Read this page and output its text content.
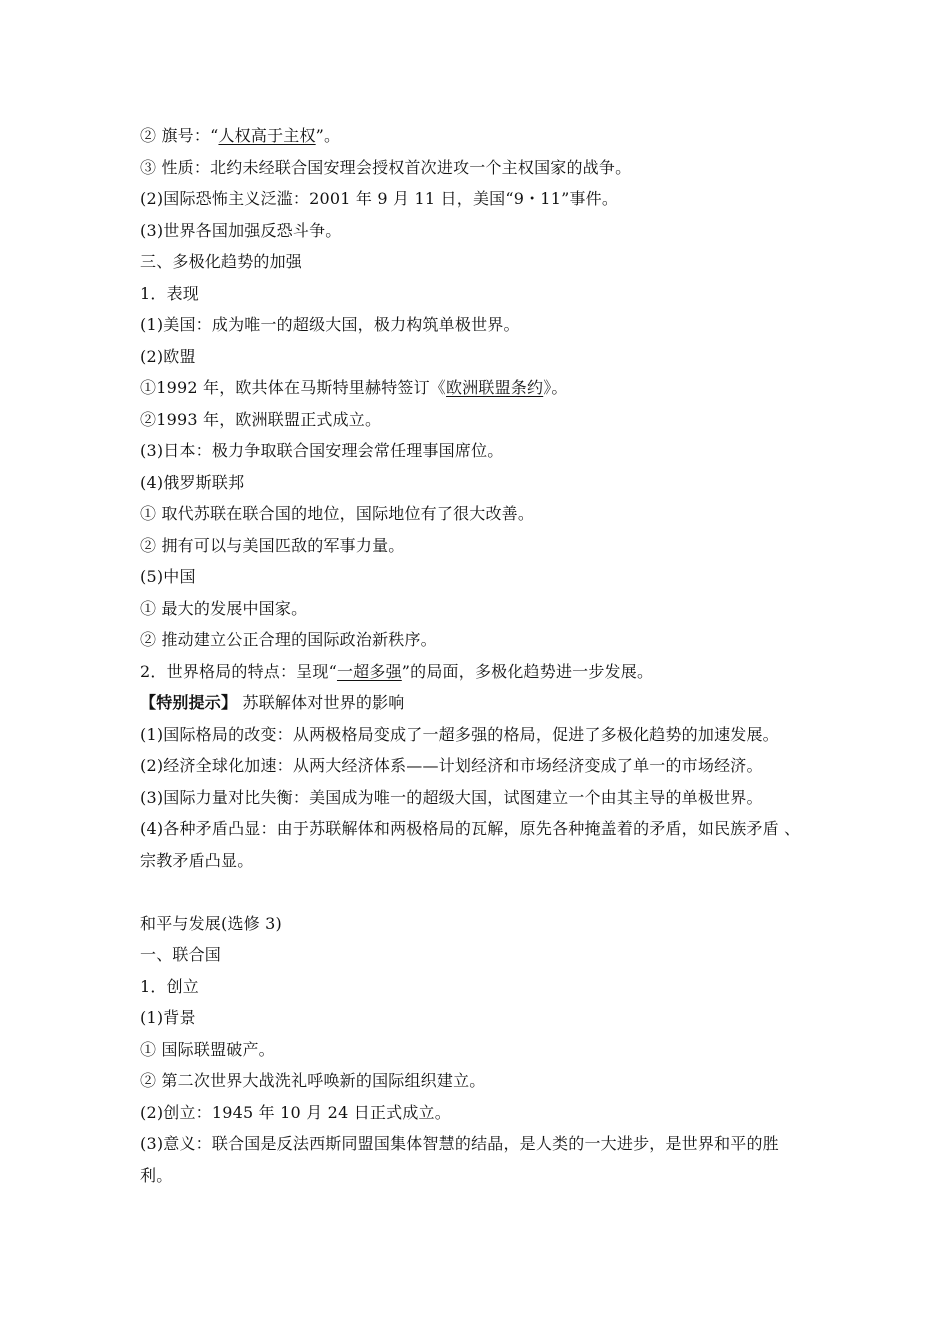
② 旗号：“人权高于主权”。
③ 性质：北约未经联合国安理会授权首次进攻一个主权国家的战争。
(2)国际恐怖主义泛滥：2001 年 9 月 11 日，美国“9・11”事件。
(3)世界各国加强反恐斗争。
三、多极化趋势的加强
1．表现
(1)美国：成为唯一的超级大国，极力构筑单极世界。
(2)欧盟
①1992 年，欧共体在马斯特里赫特签订《欧洲联盟条约》。
②1993 年，欧洲联盟正式成立。
(3)日本：极力争取联合国安理会常任理事国席位。
(4)俄罗斯联邦
① 取代苏联在联合国的地位，国际地位有了很大改善。
② 拥有可以与美国匹敌的军事力量。
(5)中国
① 最大的发展中国家。
② 推动建立公正合理的国际政治新秩序。
2．世界格局的特点：呈现“一超多强”的局面，多极化趋势进一步发展。
【特别提示】 苏联解体对世界的影响
(1)国际格局的改变：从两极格局变成了一超多强的格局，促进了多极化趋势的加速发展。
(2)经济全球化加速：从两大经济体系——计划经济和市场经济变成了单一的市场经济。
(3)国际力量对比失衡：美国成为唯一的超级大国，试图建立一个由其主导的单极世界。
(4)各种矛盾凸显：由于苏联解体和两极格局的瓦解，原先各种掩盖着的矛盾，如民族矛盾 、
宗教矛盾凸显。
和平与发展(选修 3)
一、联合国
1．创立
(1)背景
① 国际联盟破产。
② 第二次世界大战洗礼呼唤新的国际组织建立。
(2)创立：1945 年 10 月 24 日正式成立。
(3)意义：联合国是反法西斯同盟国集体智慧的结晶，是人类的一大进步，是世界和平的胜
利。
